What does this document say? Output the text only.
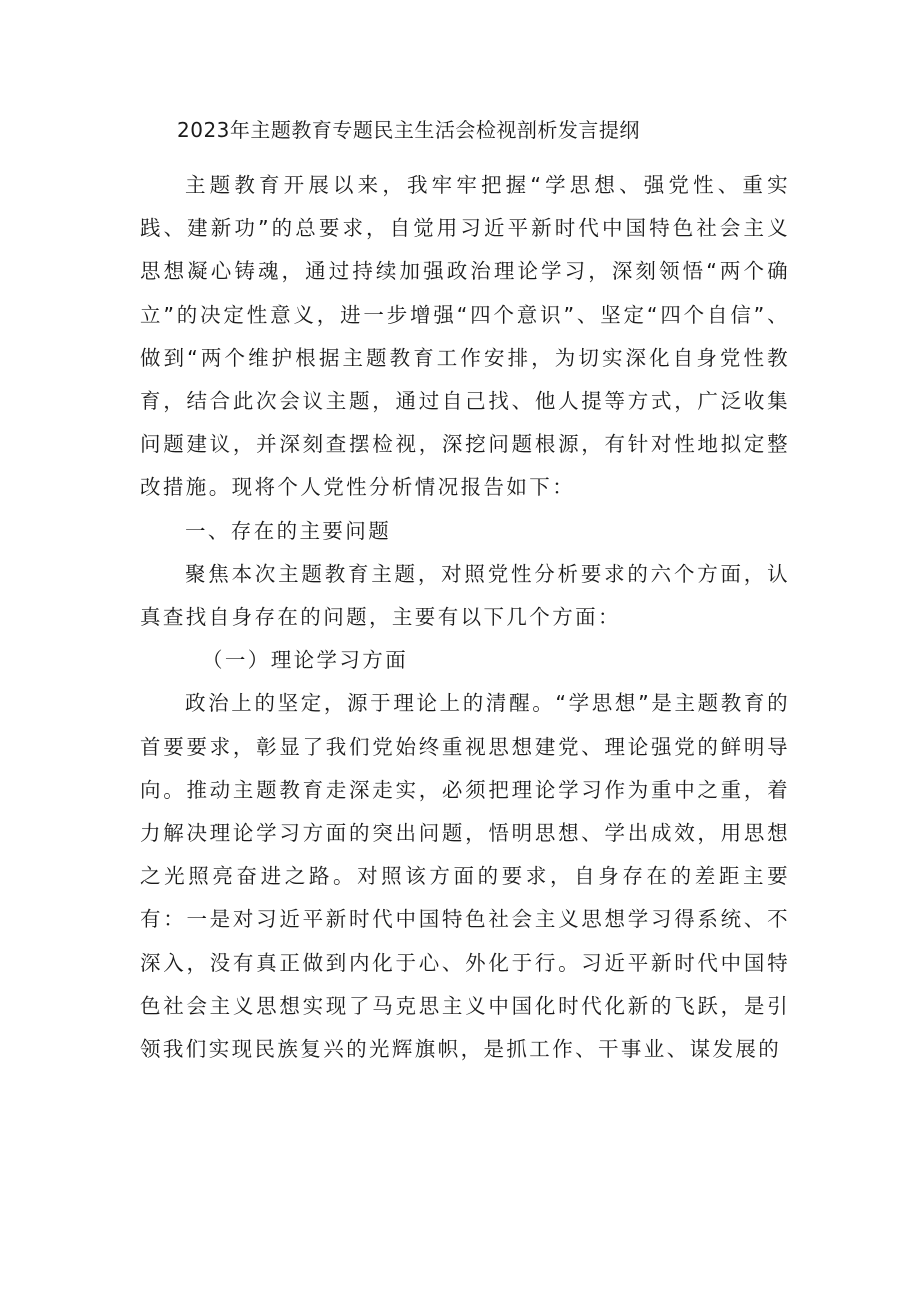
2023年主题教育专题民主生活会检视剖析发言提纲

主题教育开展以来，我牢牢把握“学思想、强党性、重实践、建新功”的总要求，自觉用习近平新时代中国特色社会主义思想凝心铸魂，通过持续加强政治理论学习，深刻领悟“两个确立”的决定性意义，进一步增强“四个意识”、坚定“四个自信”、做到“两个维护根据主题教育工作安排，为切实深化自身党性教育，结合此次会议主题，通过自己找、他人提等方式，广泛收集问题建议，并深刻查摆检视，深挖问题根源，有针对性地拟定整改措施。现将个人党性分析情况报告如下：

一、存在的主要问题

聚焦本次主题教育主题，对照党性分析要求的六个方面，认真查找自身存在的问题，主要有以下几个方面：

（一）理论学习方面

政治上的坚定，源于理论上的清醒。“学思想”是主题教育的首要要求，彰显了我们党始终重视思想建党、理论强党的鲜明导向。推动主题教育走深走实，必须把理论学习作为重中之重，着力解决理论学习方面的突出问题，悟明思想、学出成效，用思想之光照亮奋进之路。对照该方面的要求，自身存在的差距主要有：一是对习近平新时代中国特色社会主义思想学习得系统、不深入，没有真正做到内化于心、外化于行。习近平新时代中国特色社会主义思想实现了马克思主义中国化时代化新的飞跃，是引领我们实现民族复兴的光辉旗帜，是抓工作、干事业、谋发展的
